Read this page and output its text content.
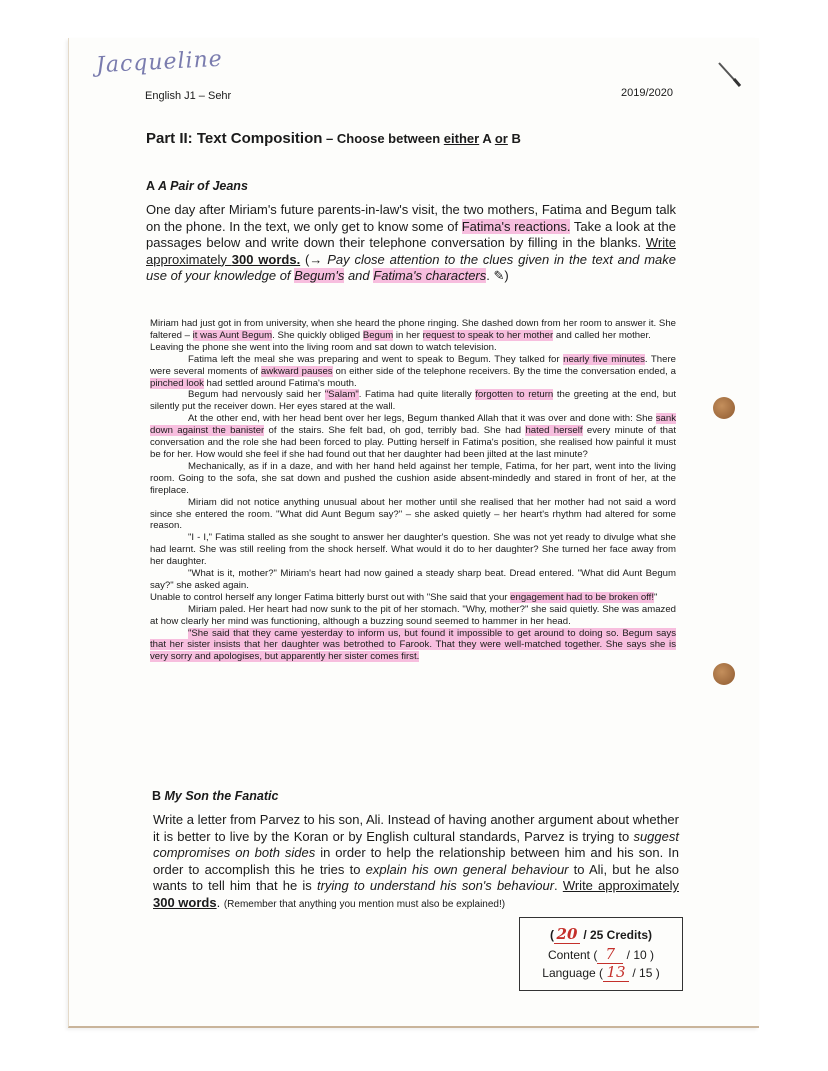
Jacqueline
English J1 – Sehr	2019/2020
Part II: Text Composition – Choose between either A or B
A A Pair of Jeans
One day after Miriam's future parents-in-law's visit, the two mothers, Fatima and Begum talk on the phone. In the text, we only get to know some of Fatima's reactions. Take a look at the passages below and write down their telephone conversation by filling in the blanks. Write approximately 300 words. (→ Pay close attention to the clues given in the text and make use of your knowledge of Begum's and Fatima's characters. ✎)

Miriam had just got in from university, when she heard the phone ringing. She dashed down from her room to answer it. She faltered – it was Aunt Begum. She quickly obliged Begum in her request to speak to her mother and called her mother.

Leaving the phone she went into the living room and sat down to watch television.

Fatima left the meal she was preparing and went to speak to Begum. They talked for nearly five minutes. There were several moments of awkward pauses on either side of the telephone receivers. By the time the conversation ended, a pinched look had settled around Fatima's mouth.

Begum had nervously said her "Salam". Fatima had quite literally forgotten to return the greeting at the end, but silently put the receiver down. Her eyes stared at the wall.

At the other end, with her head bent over her legs, Begum thanked Allah that it was over and done with: She sank down against the banister of the stairs. She felt bad, oh god, terribly bad. She had hated herself every minute of that conversation and the role she had been forced to play. Putting herself in Fatima's position, she realised how painful it must be for her. How would she feel if she had found out that her daughter had been jilted at the last minute?

Mechanically, as if in a daze, and with her hand held against her temple, Fatima, for her part, went into the living room. Going to the sofa, she sat down and pushed the cushion aside absent-mindedly and stared in front of her, at the fireplace.

Miriam did not notice anything unusual about her mother until she realised that her mother had not said a word since she entered the room. "What did Aunt Begum say?" – she asked quietly – her heart's rhythm had altered for some reason.

"I - I," Fatima stalled as she sought to answer her daughter's question. She was not yet ready to divulge what she had learnt. She was still reeling from the shock herself. What would it do to her daughter? She turned her face away from her daughter.

"What is it, mother?" Miriam's heart had now gained a steady sharp beat. Dread entered. "What did Aunt Begum say?" she asked again.

Unable to control herself any longer Fatima bitterly burst out with "She said that your engagement had to be broken off!"

Miriam paled. Her heart had now sunk to the pit of her stomach. "Why, mother?" she said quietly. She was amazed at how clearly her mind was functioning, although a buzzing sound seemed to hammer in her head.

"She said that they came yesterday to inform us, but found it impossible to get around to doing so. Begum says that her sister insists that her daughter was betrothed to Farook. That they were well-matched together. She says she is very sorry and apologises, but apparently her sister comes first.

B My Son the Fanatic
Write a letter from Parvez to his son, Ali. Instead of having another argument about whether it is better to live by the Koran or by English cultural standards, Parvez is trying to suggest compromises on both sides in order to help the relationship between him and his son. In order to accomplish this he tries to explain his own general behaviour to Ali, but he also wants to tell him that he is trying to understand his son's behaviour. Write approximately 300 words. (Remember that anything you mention must also be explained!)
( 20 / 25 Credits)
Content ( 7 / 10 )
Language ( 13 / 15 )
